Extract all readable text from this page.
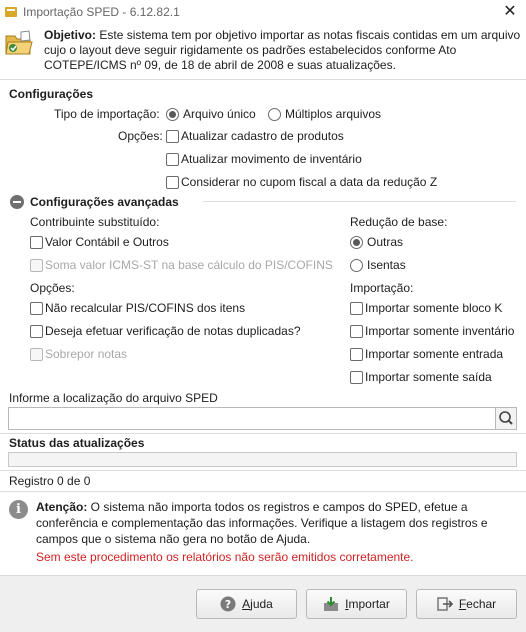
Importação SPED - 6.12.82.1	✕
Objetivo: Este sistema tem por objetivo importar as notas fiscais contidas em um arquivo cujo o layout deve seguir rigidamente os padrões estabelecidos conforme Ato COTEPE/ICMS nº 09, de 18 de abril de 2008 e suas atualizações.
Configurações
Tipo de importação: Arquivo único Múltiplos arquivos
Opções: Atualizar cadastro de produtos
Atualizar movimento de inventário
Considerar no cupom fiscal a data da redução Z
Configurações avançadas
Contribuinte substituído:
Valor Contábil e Outros
Soma valor ICMS-ST na base cálculo do PIS/COFINS
Opções:
Não recalcular PIS/COFINS dos itens
Deseja efetuar verificação de notas duplicadas?
Sobrepor notas
Redução de base:
Outras
Isentas
Importação:
Importar somente bloco K
Importar somente inventário
Importar somente entrada
Importar somente saída
Informe a localização do arquivo SPED
Status das atualizações
Registro 0 de 0
i	Atenção: O sistema não importa todos os registros e campos do SPED, efetue a conferência e complementação das informações. Verifique a listagem dos registros e campos que o sistema não gera no botão de Ajuda.
Sem este procedimento os relatórios não serão emitidos corretamente.
? Ajuda	Importar	Fechar
